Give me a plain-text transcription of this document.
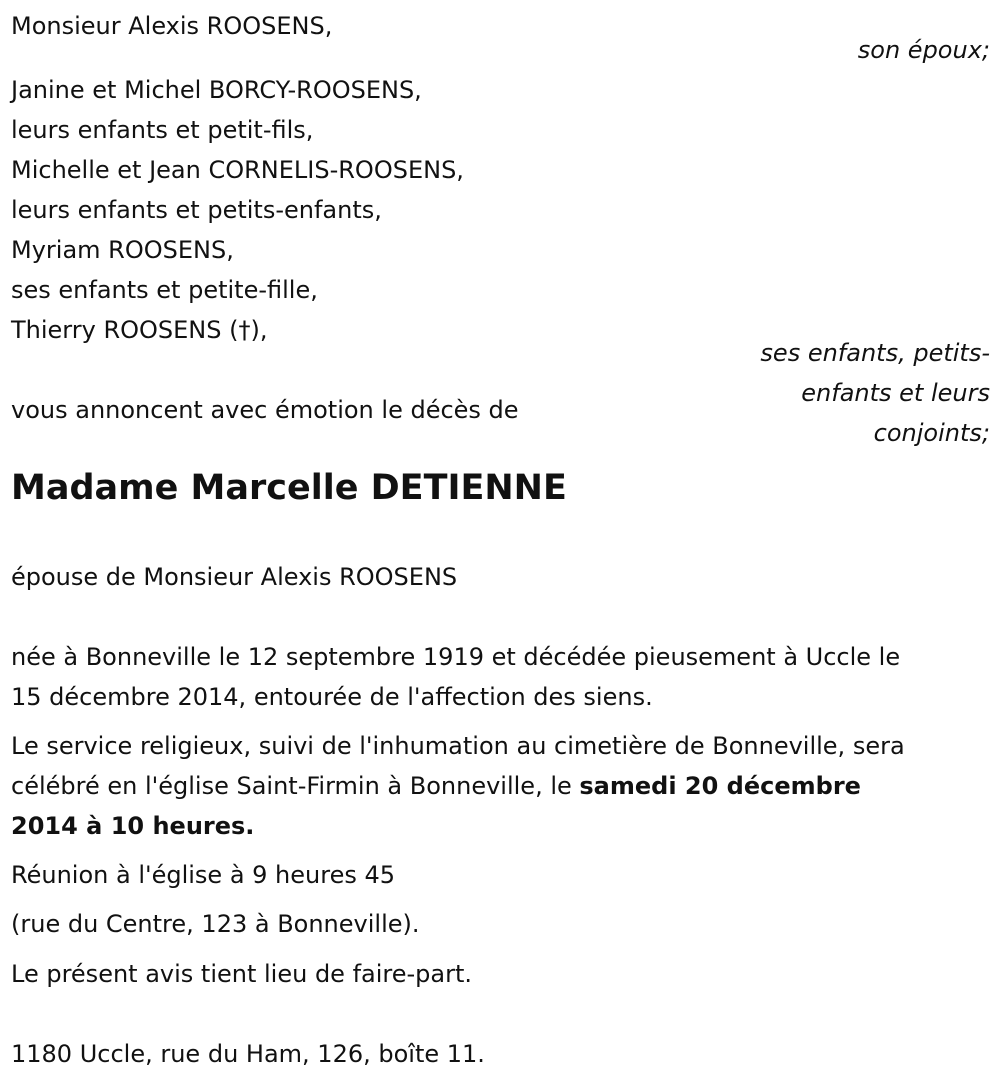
Monsieur Alexis ROOSENS,
son époux;
Janine et Michel BORCY-ROOSENS,
leurs enfants et petit-fils,
Michelle et Jean CORNELIS-ROOSENS,
leurs enfants et petits-enfants,
Myriam ROOSENS,
ses enfants et petite-fille,
Thierry ROOSENS (†),
ses enfants, petits-
enfants et leurs
conjoints;
vous annoncent avec émotion le décès de
Madame Marcelle DETIENNE
épouse de Monsieur Alexis ROOSENS
née à Bonneville le 12 septembre 1919 et décédée pieusement à Uccle le
15 décembre 2014, entourée de l'affection des siens.
Le service religieux, suivi de l'inhumation au cimetière de Bonneville, sera
célébré en l'église Saint-Firmin à Bonneville, le samedi 20 décembre
2014 à 10 heures.
Réunion à l'église à 9 heures 45
(rue du Centre, 123 à Bonneville).
Le présent avis tient lieu de faire-part.
1180 Uccle, rue du Ham, 126, boîte 11.
